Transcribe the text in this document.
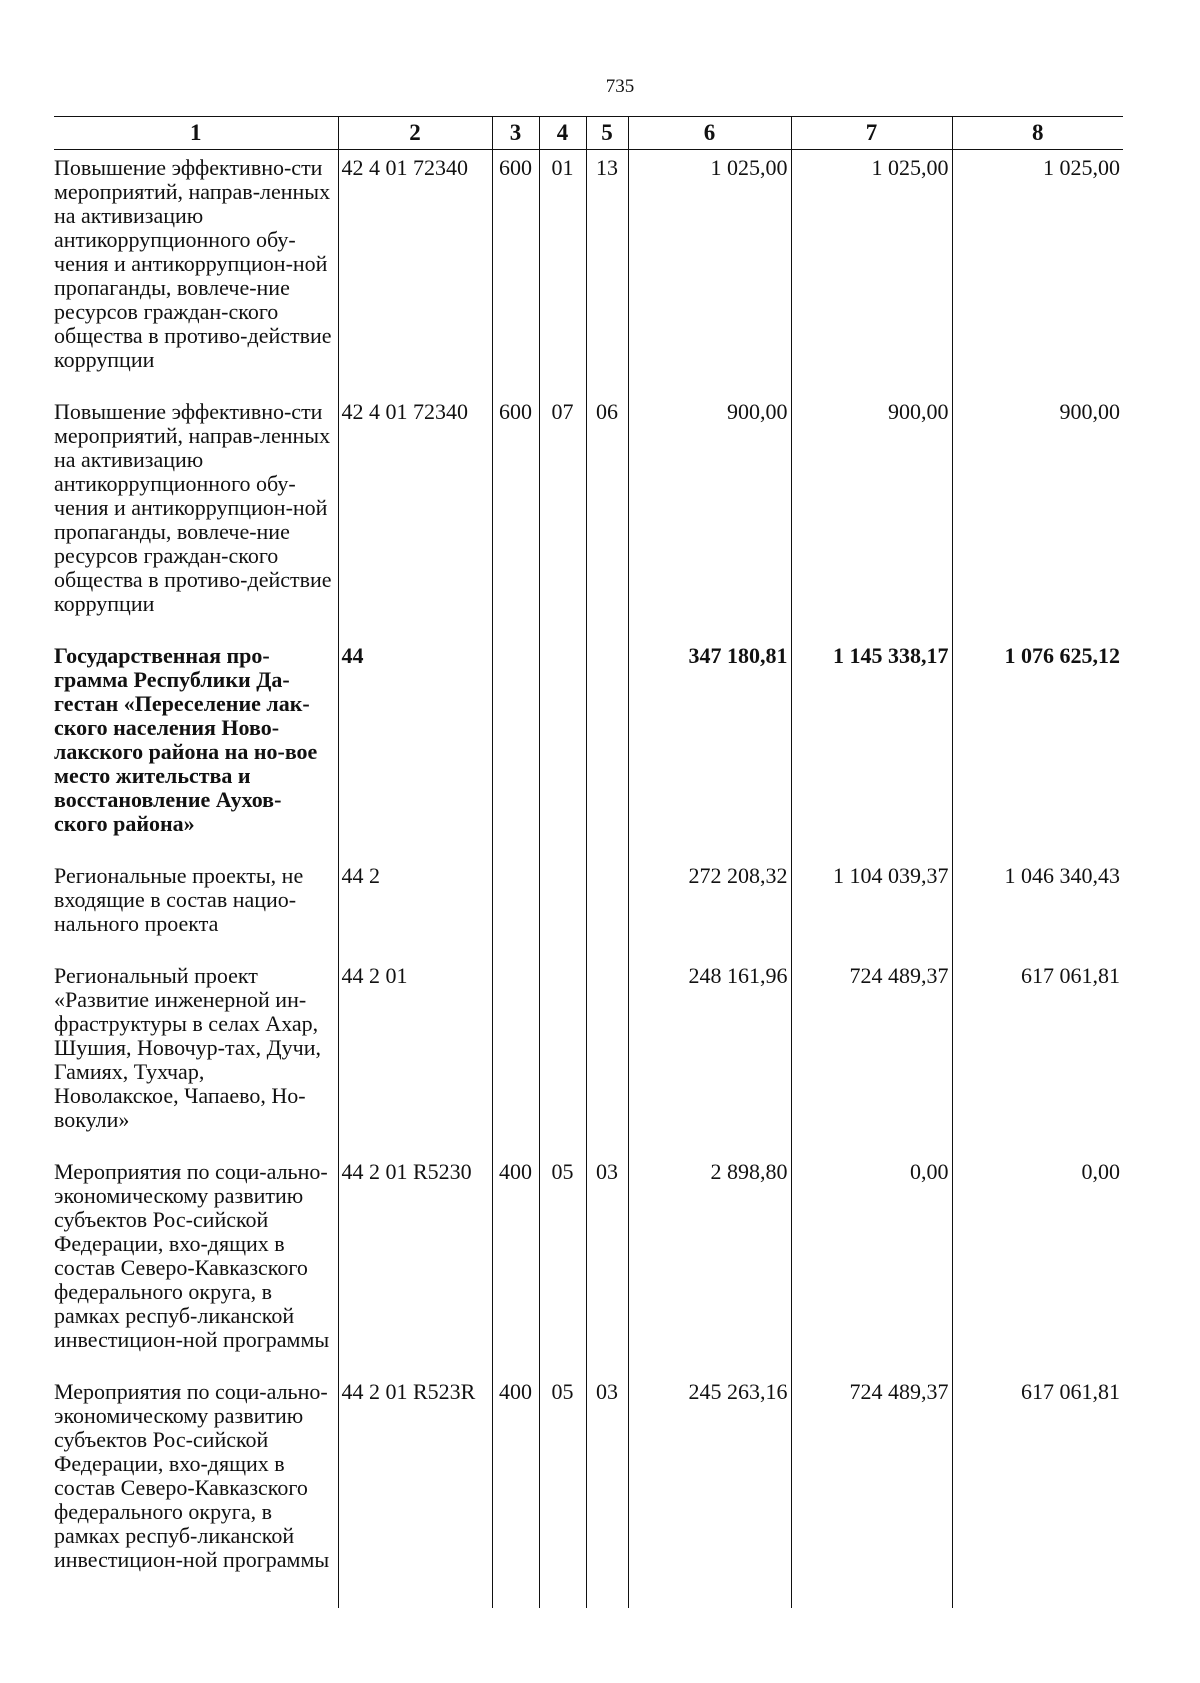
735
1	2	3	4	5	6	7	8
Повышение эффективно-сти мероприятий, направ-ленных на активизацию антикоррупционного обу-чения и антикоррупцион-ной пропаганды, вовлече-ние ресурсов граждан-ского общества в противо-действие коррупции	42 4 01 72340	600	01	13	1 025,00	1 025,00	1 025,00
Повышение эффективно-сти мероприятий, направ-ленных на активизацию антикоррупционного обу-чения и антикоррупцион-ной пропаганды, вовлече-ние ресурсов граждан-ского общества в противо-действие коррупции	42 4 01 72340	600	07	06	900,00	900,00	900,00
Государственная про-грамма Республики Да-гестан «Переселение лак-ского населения Ново-лакского района на но-вое место жительства и восстановление Аухов-ского района»	44				347 180,81	1 145 338,17	1 076 625,12
Региональные проекты, не входящие в состав нацио-нального проекта	44 2				272 208,32	1 104 039,37	1 046 340,43
Региональный проект «Развитие инженерной ин-фраструктуры в селах Ахар, Шушия, Новочур-тах, Дучи, Гамиях, Тухчар, Новолакское, Чапаево, Но-вокули»	44 2 01				248 161,96	724 489,37	617 061,81
Мероприятия по соци-ально-экономическому развитию субъектов Рос-сийской Федерации, вхо-дящих в состав Северо-Кавказского федерального округа, в рамках респуб-ликанской инвестицион-ной программы	44 2 01 R5230	400	05	03	2 898,80	0,00	0,00
Мероприятия по соци-ально-экономическому развитию субъектов Рос-сийской Федерации, вхо-дящих в состав Северо-Кавказского федерального округа, в рамках респуб-ликанской инвестицион-ной программы	44 2 01 R523R	400	05	03	245 263,16	724 489,37	617 061,81
